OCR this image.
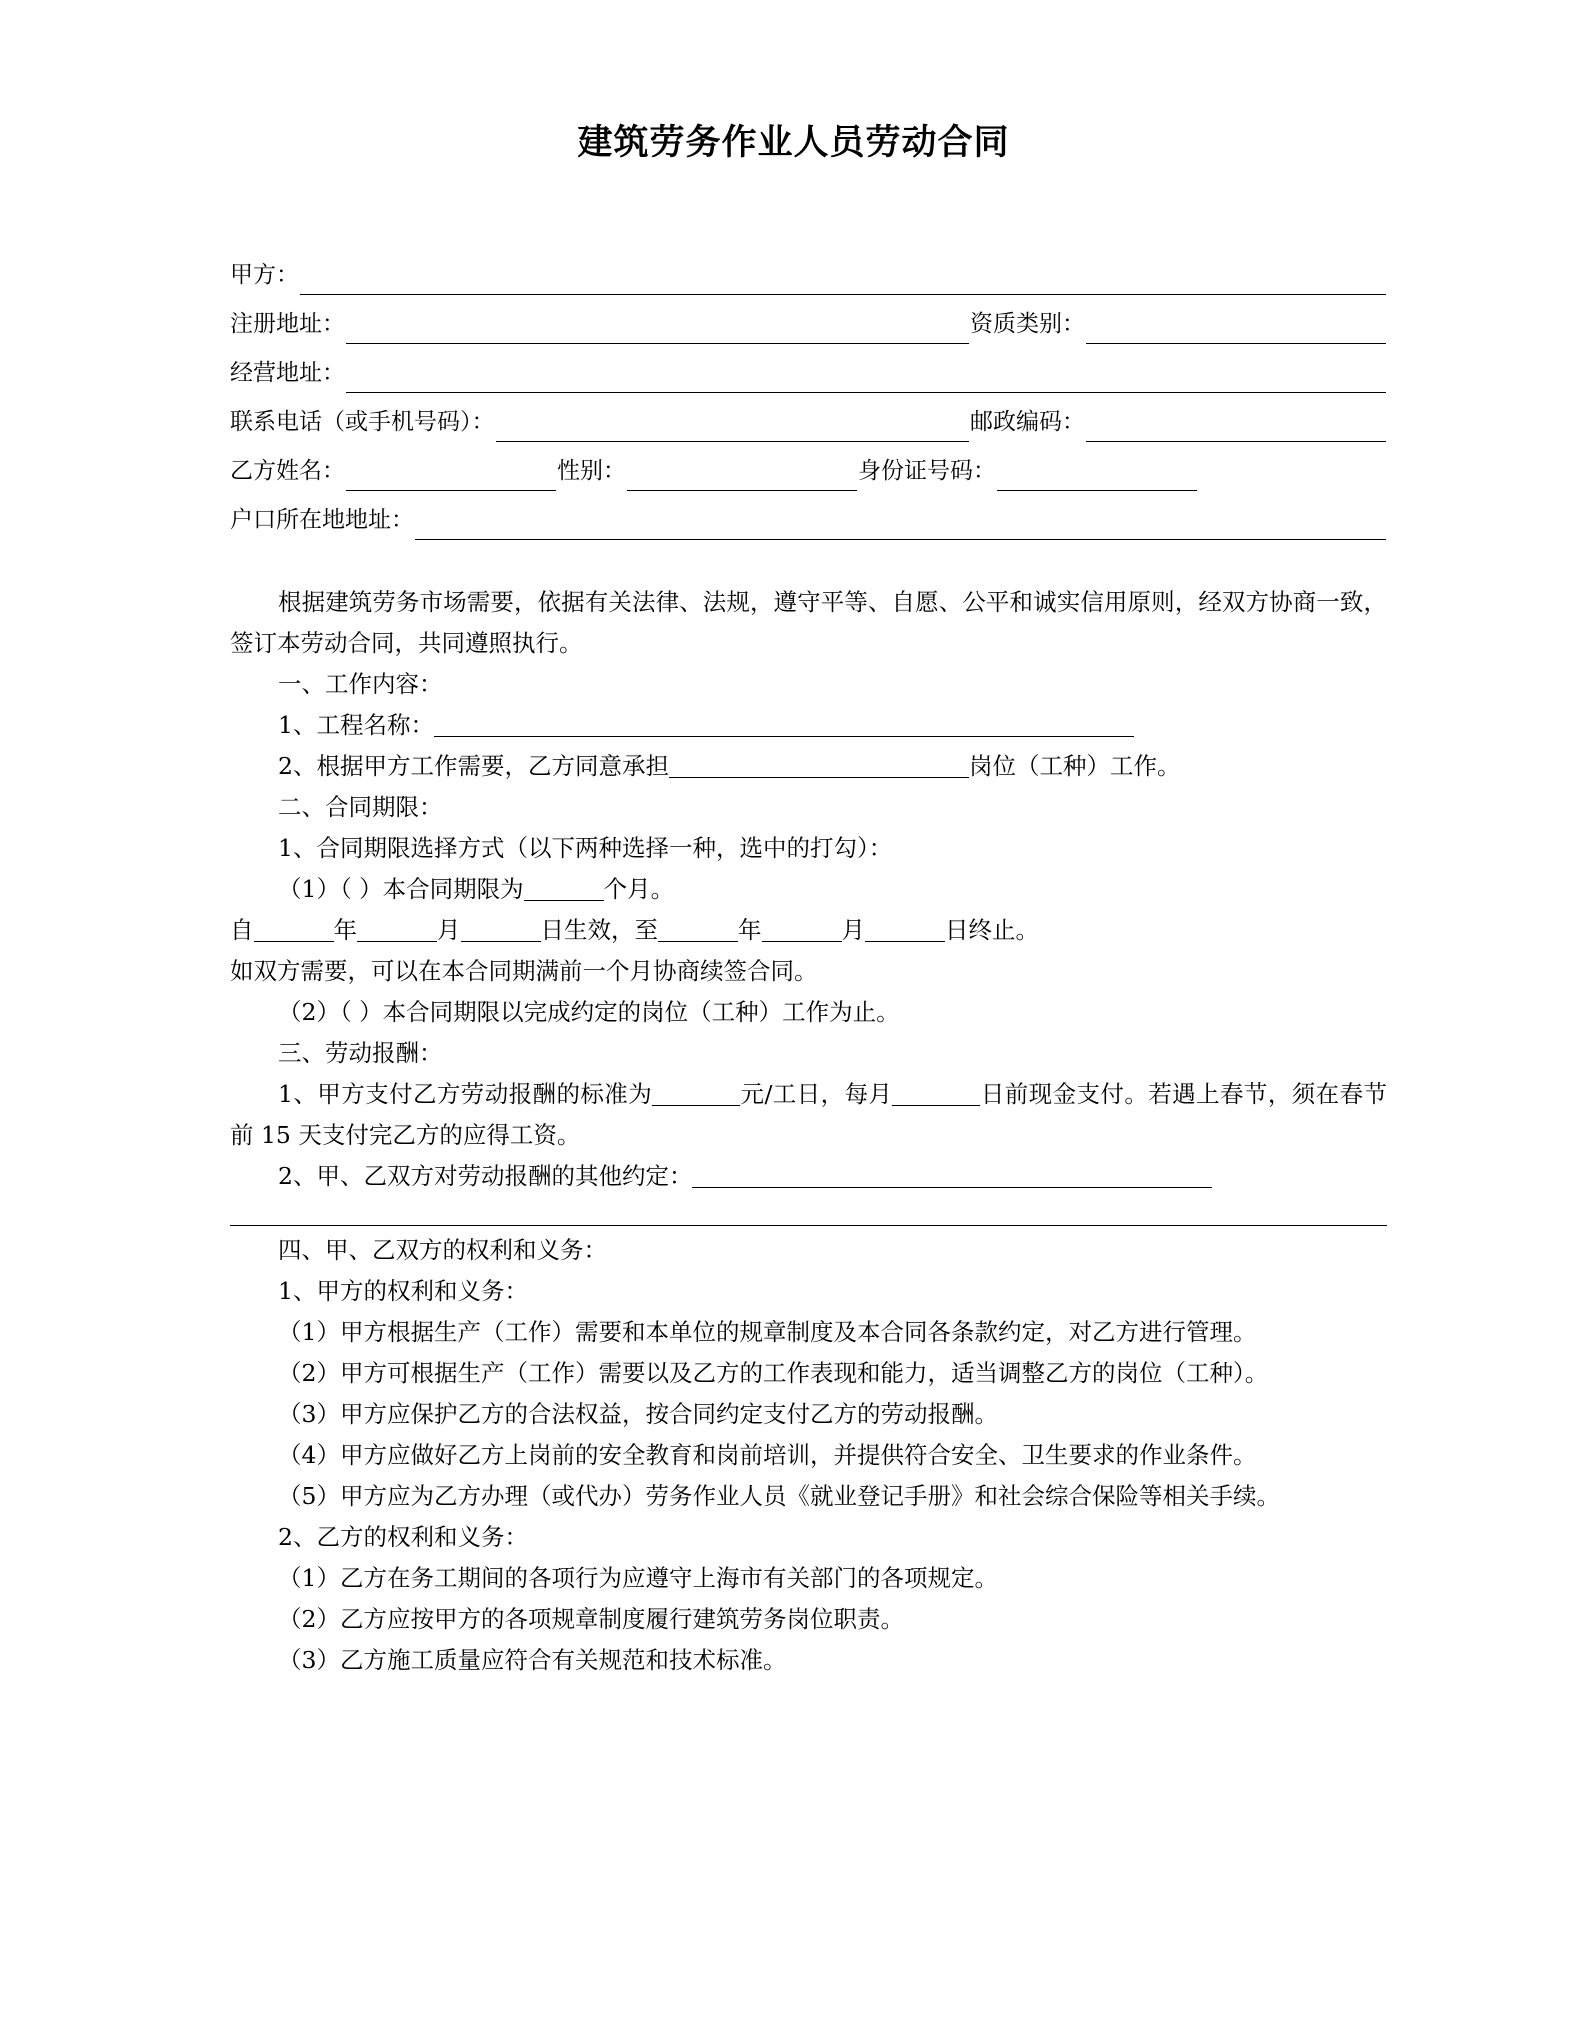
建筑劳务作业人员劳动合同
甲方：
注册地址：	资质类别：
经营地址：
联系电话（或手机号码）：	邮政编码：
乙方姓名：	性别：	身份证号码：
户口所在地地址：

根据建筑劳务市场需要，依据有关法律、法规，遵守平等、自愿、公平和诚实信用原则，经双方协商一致，签订本劳动合同，共同遵照执行。

一、工作内容：

1、工程名称：

2、根据甲方工作需要，乙方同意承担	岗位（工种）工作。

二、合同期限：

1、合同期限选择方式（以下两种选择一种，选中的打勾）：

（1）（ ）本合同期限为	个月。

自	年	月	日生效，至	年	月	日终止。

如双方需要，可以在本合同期满前一个月协商续签合同。

（2）（ ）本合同期限以完成约定的岗位（工种）工作为止。

三、劳动报酬：

1、甲方支付乙方劳动报酬的标准为	元/工日，每月	日前现金支付。若遇上春节，须在春节前 15 天支付完乙方的应得工资。

2、甲、乙双方对劳动报酬的其他约定：

四、甲、乙双方的权利和义务：

1、甲方的权利和义务：

（1）甲方根据生产（工作）需要和本单位的规章制度及本合同各条款约定，对乙方进行管理。

（2）甲方可根据生产（工作）需要以及乙方的工作表现和能力，适当调整乙方的岗位（工种）。

（3）甲方应保护乙方的合法权益，按合同约定支付乙方的劳动报酬。

（4）甲方应做好乙方上岗前的安全教育和岗前培训，并提供符合安全、卫生要求的作业条件。

（5）甲方应为乙方办理（或代办）劳务作业人员《就业登记手册》和社会综合保险等相关手续。

2、乙方的权利和义务：

（1）乙方在务工期间的各项行为应遵守上海市有关部门的各项规定。

（2）乙方应按甲方的各项规章制度履行建筑劳务岗位职责。

（3）乙方施工质量应符合有关规范和技术标准。
